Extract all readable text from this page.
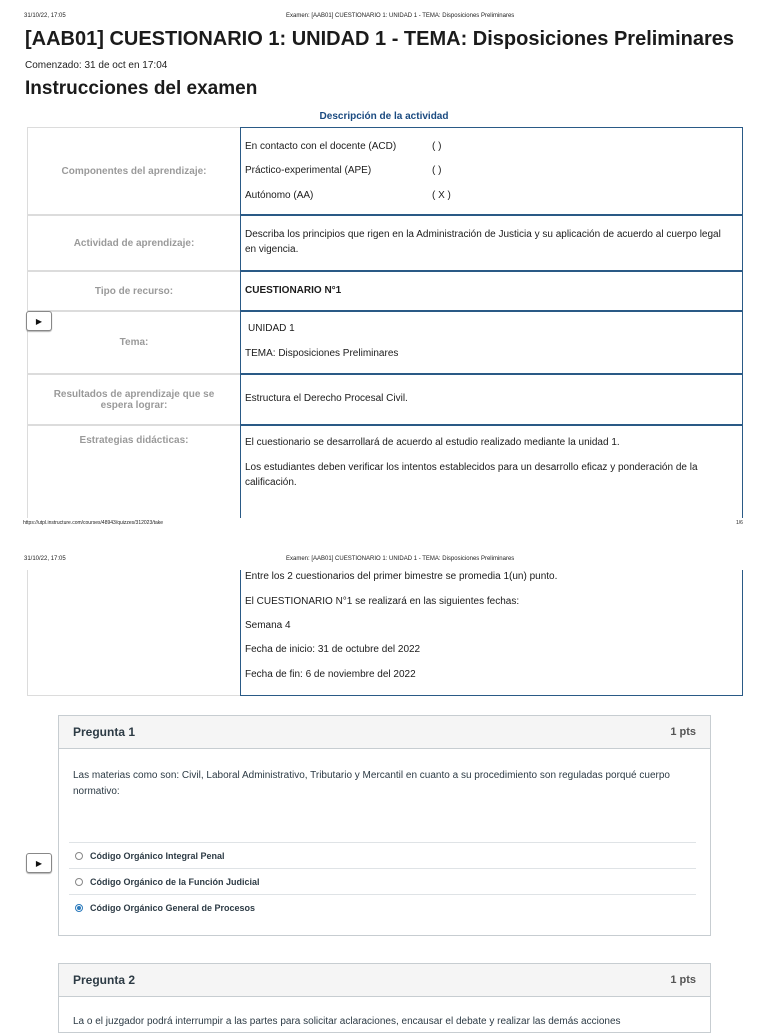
31/10/22, 17:05	Examen: [AAB01] CUESTIONARIO 1: UNIDAD 1 - TEMA: Disposiciones Preliminares
[AAB01] CUESTIONARIO 1: UNIDAD 1 - TEMA: Disposiciones Preliminares
Comenzado: 31 de oct en 17:04
Instrucciones del examen
Descripción de la actividad
Componentes del aprendizaje:
En contacto con el docente (ACD)	( )
Práctico-experimental (APE)	( )
Autónomo (AA)	( X )
Actividad de aprendizaje:
Describa los principios que rigen en la Administración de Justicia y su aplicación de acuerdo al cuerpo legal en vigencia.
Tipo de recurso:	CUESTIONARIO N°1
Tema:
UNIDAD 1
TEMA: Disposiciones Preliminares
Resultados de aprendizaje que se espera lograr:
Estructura el Derecho Procesal Civil.
Estrategias didácticas:	El cuestionario se desarrollará de acuerdo al estudio realizado mediante la unidad 1.
Los estudiantes deben verificar los intentos establecidos para un desarrollo eficaz y ponderación de la calificación.
▶
https://utpl.instructure.com/courses/48943/quizzes/312023/take	1/6
31/10/22, 17:05	Examen: [AAB01] CUESTIONARIO 1: UNIDAD 1 - TEMA: Disposiciones Preliminares
Entre los 2 cuestionarios del primer bimestre se promedia 1(un) punto.
El CUESTIONARIO N°1 se realizará en las siguientes fechas:
Semana 4
Fecha de inicio: 31 de octubre del 2022
Fecha de fin: 6 de noviembre del 2022
Pregunta 1	1 pts
Las materias como son: Civil, Laboral Administrativo, Tributario y Mercantil en cuanto a su procedimiento son reguladas porqué cuerpo normativo:
Código Orgánico Integral Penal
Código Orgánico de la Función Judicial
Código Orgánico General de Procesos
▶
Pregunta 2	1 pts
La o el juzgador podrá interrumpir a las partes para solicitar aclaraciones, encausar el debate y realizar las demás acciones
